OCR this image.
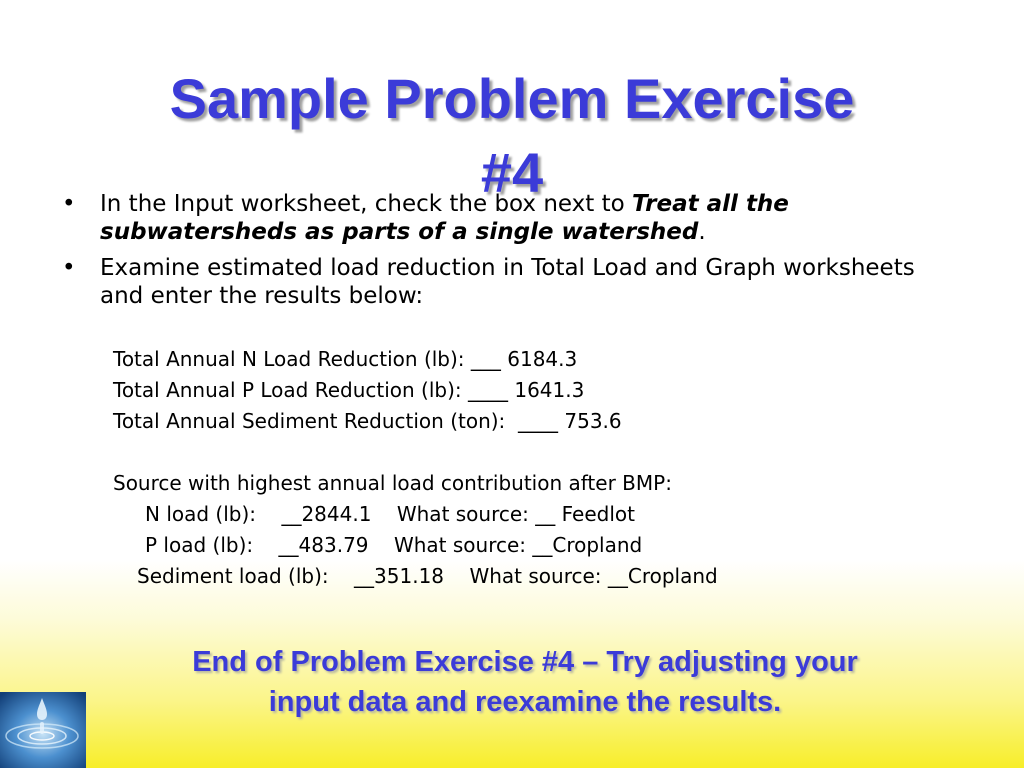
Sample Problem Exercise
#4
• In the Input worksheet, check the box next to Treat all the subwatersheds as parts of a single watershed.
• Examine estimated load reduction in Total Load and Graph worksheets and enter the results below:
Total Annual N Load Reduction (lb): ___ 6184.3
Total Annual P Load Reduction (lb): ____ 1641.3
Total Annual Sediment Reduction (ton):  ____ 753.6
Source with highest annual load contribution after BMP:
N load (lb):    __2844.1    What source: __ Feedlot
P load (lb):    __483.79    What source: __Cropland
Sediment load (lb):    __351.18    What source: __Cropland

End of Problem Exercise #4 – Try adjusting your
input data and reexamine the results.
